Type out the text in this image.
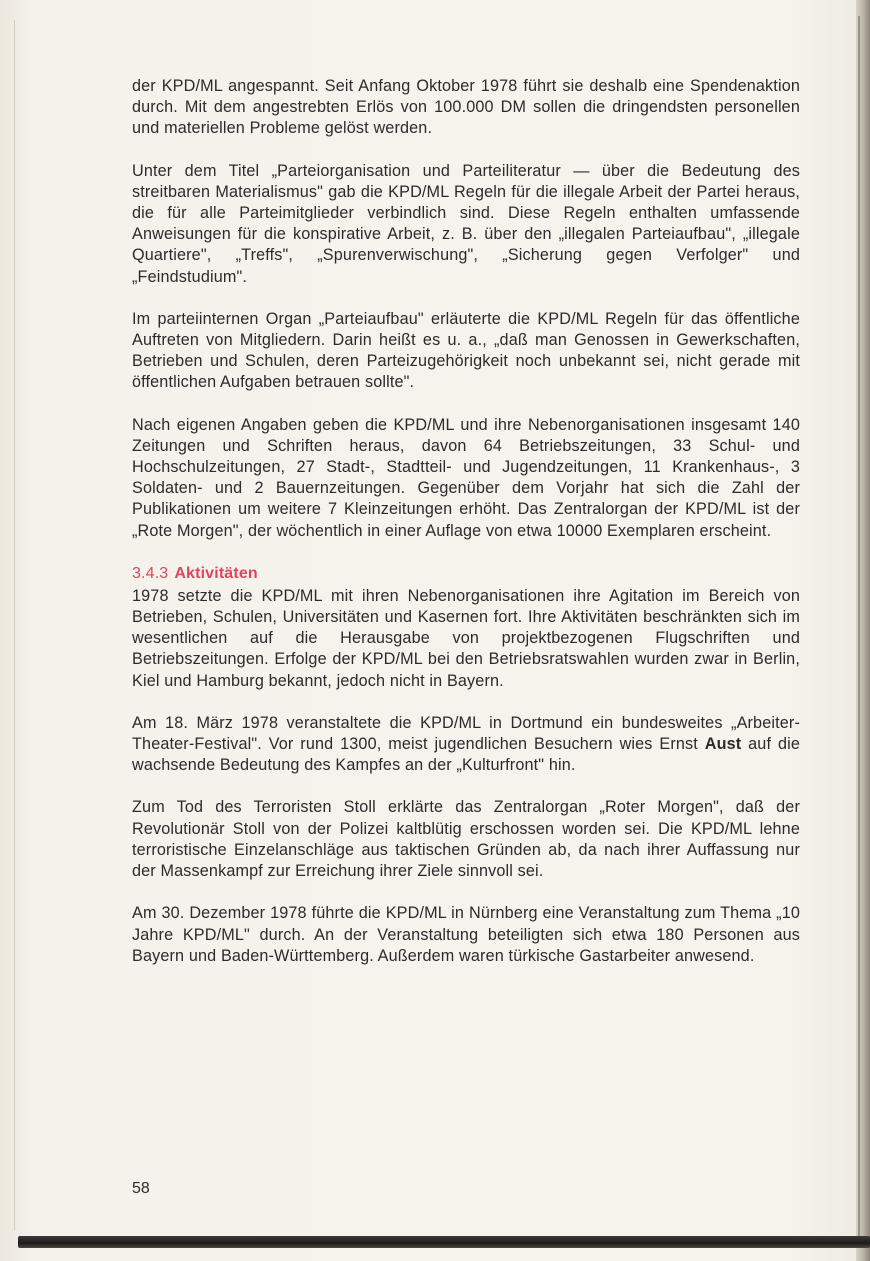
der KPD/ML angespannt. Seit Anfang Oktober 1978 führt sie deshalb eine Spendenaktion durch. Mit dem angestrebten Erlös von 100.000 DM sollen die dringendsten personellen und materiellen Probleme gelöst werden.

Unter dem Titel „Parteiorganisation und Parteiliteratur — über die Bedeutung des streitbaren Materialismus" gab die KPD/ML Regeln für die illegale Arbeit der Partei heraus, die für alle Parteimitglieder verbindlich sind. Diese Regeln enthalten umfassende Anweisungen für die konspirative Arbeit, z. B. über den „illegalen Parteiaufbau", „illegale Quartiere", „Treffs", „Spurenverwischung", „Sicherung gegen Verfolger" und „Feindstudium".

Im parteiinternen Organ „Parteiaufbau" erläuterte die KPD/ML Regeln für das öffentliche Auftreten von Mitgliedern. Darin heißt es u. a., „daß man Genossen in Gewerkschaften, Betrieben und Schulen, deren Parteizugehörigkeit noch unbekannt sei, nicht gerade mit öffentlichen Aufgaben betrauen sollte".

Nach eigenen Angaben geben die KPD/ML und ihre Nebenorganisationen insgesamt 140 Zeitungen und Schriften heraus, davon 64 Betriebszeitungen, 33 Schul- und Hochschulzeitungen, 27 Stadt-, Stadtteil- und Jugendzeitungen, 11 Krankenhaus-, 3 Soldaten- und 2 Bauernzeitungen. Gegenüber dem Vorjahr hat sich die Zahl der Publikationen um weitere 7 Kleinzeitungen erhöht. Das Zentralorgan der KPD/ML ist der „Rote Morgen", der wöchentlich in einer Auflage von etwa 10000 Exemplaren erscheint.

3.4.3 Aktivitäten

1978 setzte die KPD/ML mit ihren Nebenorganisationen ihre Agitation im Bereich von Betrieben, Schulen, Universitäten und Kasernen fort. Ihre Aktivitäten beschränkten sich im wesentlichen auf die Herausgabe von projektbezogenen Flugschriften und Betriebszeitungen. Erfolge der KPD/ML bei den Betriebsratswahlen wurden zwar in Berlin, Kiel und Hamburg bekannt, jedoch nicht in Bayern.

Am 18. März 1978 veranstaltete die KPD/ML in Dortmund ein bundesweites „Arbeiter-Theater-Festival". Vor rund 1300, meist jugendlichen Besuchern wies Ernst Aust auf die wachsende Bedeutung des Kampfes an der „Kulturfront" hin.

Zum Tod des Terroristen Stoll erklärte das Zentralorgan „Roter Morgen", daß der Revolutionär Stoll von der Polizei kaltblütig erschossen worden sei. Die KPD/ML lehne terroristische Einzelanschläge aus taktischen Gründen ab, da nach ihrer Auffassung nur der Massenkampf zur Erreichung ihrer Ziele sinnvoll sei.

Am 30. Dezember 1978 führte die KPD/ML in Nürnberg eine Veranstaltung zum Thema „10 Jahre KPD/ML" durch. An der Veranstaltung beteiligten sich etwa 180 Personen aus Bayern und Baden-Württemberg. Außerdem waren türkische Gastarbeiter anwesend.

58
